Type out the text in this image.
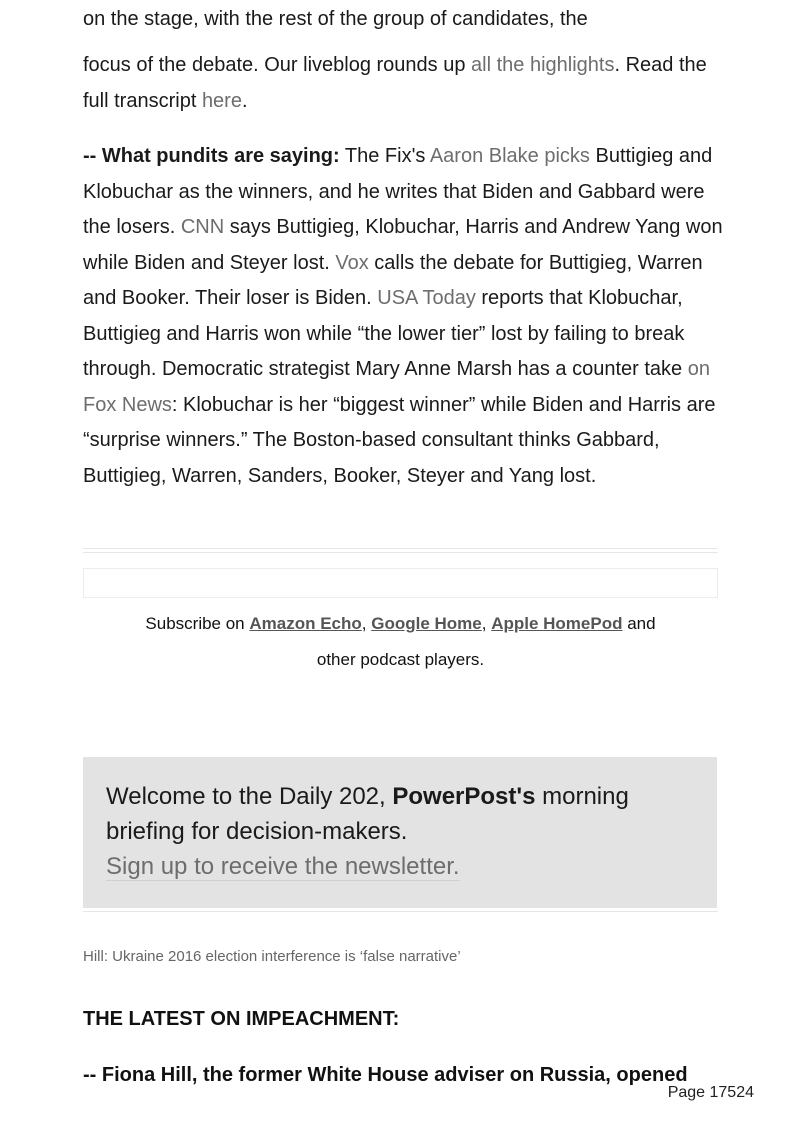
on the stage, with the rest of the group of candidates, the

focus of the debate. Our liveblog rounds up all the highlights. Read the
full transcript here.

-- What pundits are saying: The Fix's Aaron Blake picks Buttigieg and Klobuchar as the winners, and he writes that Biden and Gabbard were the losers. CNN says Buttigieg, Klobuchar, Harris and Andrew Yang won while Biden and Steyer lost. Vox calls the debate for Buttigieg, Warren and Booker. Their loser is Biden. USA Today reports that Klobuchar, Buttigieg and Harris won while “the lower tier” lost by failing to break through. Democratic strategist Mary Anne Marsh has a counter take on Fox News: Klobuchar is her “biggest winner” while Biden and Harris are “surprise winners.” The Boston-based consultant thinks Gabbard, Buttigieg, Warren, Sanders, Booker, Steyer and Yang lost.

Subscribe on Amazon Echo, Google Home, Apple HomePod and
other podcast players.
Welcome to the Daily 202, PowerPost's morning briefing for decision-makers.
Sign up to receive the newsletter.
Hill: Ukraine 2016 election interference is ‘false narrative’
THE LATEST ON IMPEACHMENT:
-- Fiona Hill, the former White House adviser on Russia, opened
Page 17524
